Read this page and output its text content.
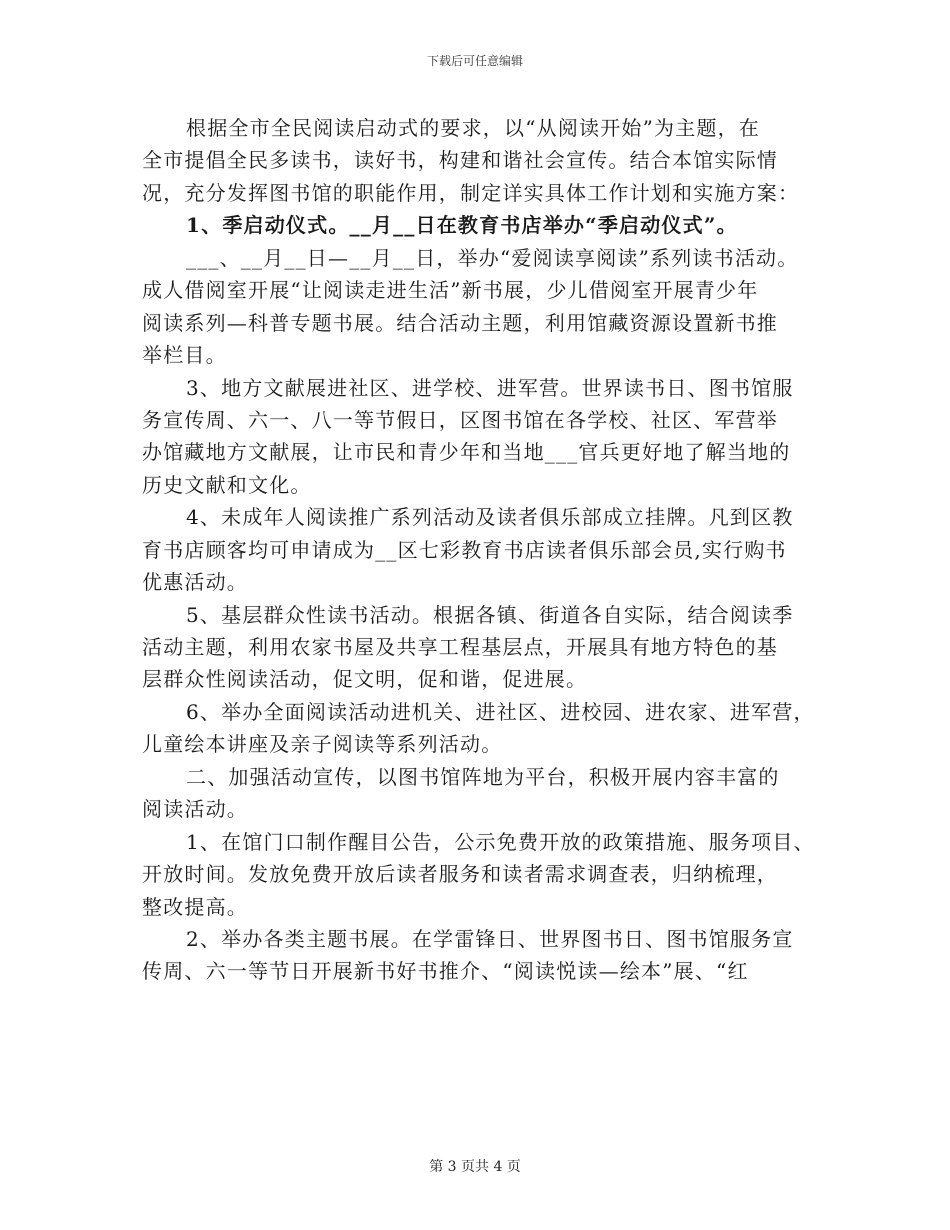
下载后可任意编辑
根据全市全民阅读启动式的要求，以“从阅读开始”为主题，在
全市提倡全民多读书，读好书，构建和谐社会宣传。结合本馆实际情
况，充分发挥图书馆的职能作用，制定详实具体工作计划和实施方案：
1、季启动仪式。__月__日在教育书店举办“季启动仪式”。
___、__月__日—__月__日，举办“爱阅读享阅读”系列读书活动。
成人借阅室开展“让阅读走进生活”新书展，少儿借阅室开展青少年
阅读系列—科普专题书展。结合活动主题，利用馆藏资源设置新书推
举栏目。
3、地方文献展进社区、进学校、进军营。世界读书日、图书馆服
务宣传周、六一、八一等节假日，区图书馆在各学校、社区、军营举
办馆藏地方文献展，让市民和青少年和当地___官兵更好地了解当地的
历史文献和文化。
4、未成年人阅读推广系列活动及读者俱乐部成立挂牌。凡到区教
育书店顾客均可申请成为__区七彩教育书店读者俱乐部会员,实行购书
优惠活动。
5、基层群众性读书活动。根据各镇、街道各自实际，结合阅读季
活动主题，利用农家书屋及共享工程基层点，开展具有地方特色的基
层群众性阅读活动，促文明，促和谐，促进展。
6、举办全面阅读活动进机关、进社区、进校园、进农家、进军营，
儿童绘本讲座及亲子阅读等系列活动。
二、加强活动宣传，以图书馆阵地为平台，积极开展内容丰富的
阅读活动。
1、在馆门口制作醒目公告，公示免费开放的政策措施、服务项目、
开放时间。发放免费开放后读者服务和读者需求调查表，归纳梳理，
整改提高。
2、举办各类主题书展。在学雷锋日、世界图书日、图书馆服务宣
传周、六一等节日开展新书好书推介、“阅读悦读—绘本”展、“红
第 3 页共 4 页
